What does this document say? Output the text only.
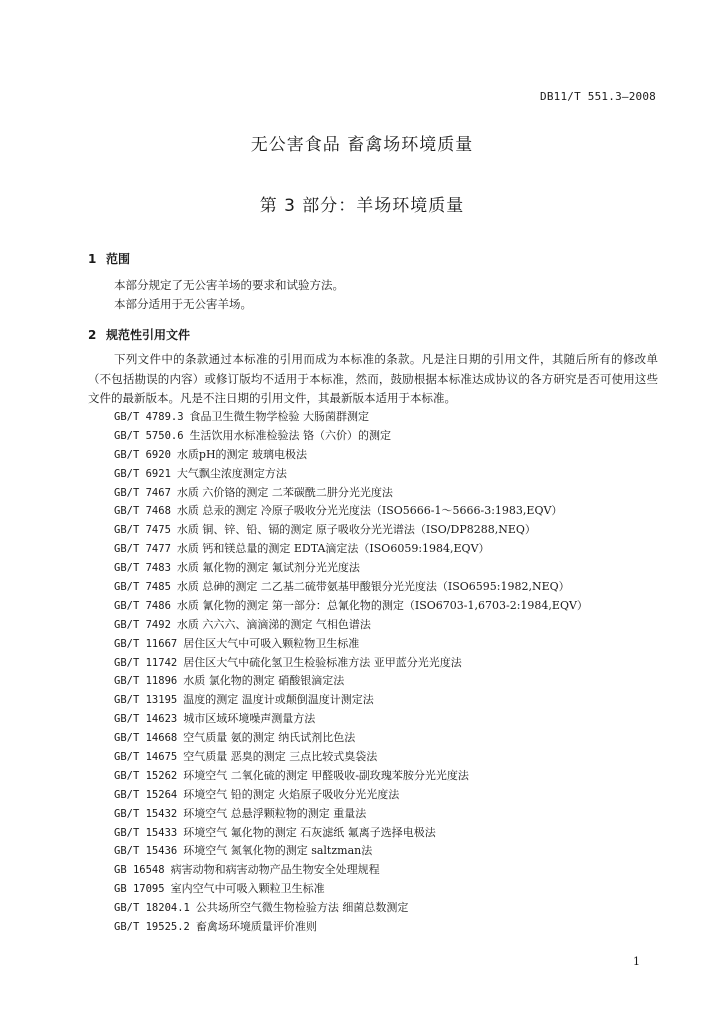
DB11/T 551.3—2008
无公害食品 畜禽场环境质量
第 3 部分：羊场环境质量
1 范围
本部分规定了无公害羊场的要求和试验方法。
本部分适用于无公害羊场。
2 规范性引用文件
下列文件中的条款通过本标准的引用而成为本标准的条款。凡是注日期的引用文件，其随后所有的修改单（不包括勘误的内容）或修订版均不适用于本标准，然而，鼓励根据本标准达成协议的各方研究是否可使用这些文件的最新版本。凡是不注日期的引用文件，其最新版本适用于本标准。
GB/T 4789.3 食品卫生微生物学检验 大肠菌群测定
GB/T 5750.6 生活饮用水标准检验法 铬（六价）的测定
GB/T 6920 水质pH的测定 玻璃电极法
GB/T 6921 大气飘尘浓度测定方法
GB/T 7467 水质 六价铬的测定 二苯碳酰二肼分光光度法
GB/T 7468 水质 总汞的测定 冷原子吸收分光光度法（ISO5666-1～5666-3:1983,EQV）
GB/T 7475 水质 铜、锌、铅、镉的测定 原子吸收分光光谱法（ISO/DP8288,NEQ）
GB/T 7477 水质 钙和镁总量的测定 EDTA滴定法（ISO6059:1984,EQV）
GB/T 7483 水质 氟化物的测定 氟试剂分光光度法
GB/T 7485 水质 总砷的测定 二乙基二硫带氨基甲酸银分光光度法（ISO6595:1982,NEQ）
GB/T 7486 水质 氰化物的测定 第一部分：总氰化物的测定（ISO6703-1,6703-2:1984,EQV）
GB/T 7492 水质 六六六、滴滴涕的测定 气相色谱法
GB/T 11667 居住区大气中可吸入颗粒物卫生标准
GB/T 11742 居住区大气中硫化氢卫生检验标准方法 亚甲蓝分光光度法
GB/T 11896 水质 氯化物的测定 硝酸银滴定法
GB/T 13195 温度的测定 温度计或颠倒温度计测定法
GB/T 14623 城市区域环境噪声测量方法
GB/T 14668 空气质量 氨的测定 纳氏试剂比色法
GB/T 14675 空气质量 恶臭的测定 三点比较式臭袋法
GB/T 15262 环境空气 二氧化硫的测定 甲醛吸收-副玫瑰苯胺分光光度法
GB/T 15264 环境空气 铅的测定 火焰原子吸收分光光度法
GB/T 15432 环境空气 总悬浮颗粒物的测定 重量法
GB/T 15433 环境空气 氟化物的测定 石灰滤纸 氟离子选择电极法
GB/T 15436 环境空气 氮氧化物的测定 saltzman法
GB 16548 病害动物和病害动物产品生物安全处理规程
GB 17095 室内空气中可吸入颗粒卫生标准
GB/T 18204.1 公共场所空气微生物检验方法 细菌总数测定
GB/T 19525.2 畜禽场环境质量评价准则
1
